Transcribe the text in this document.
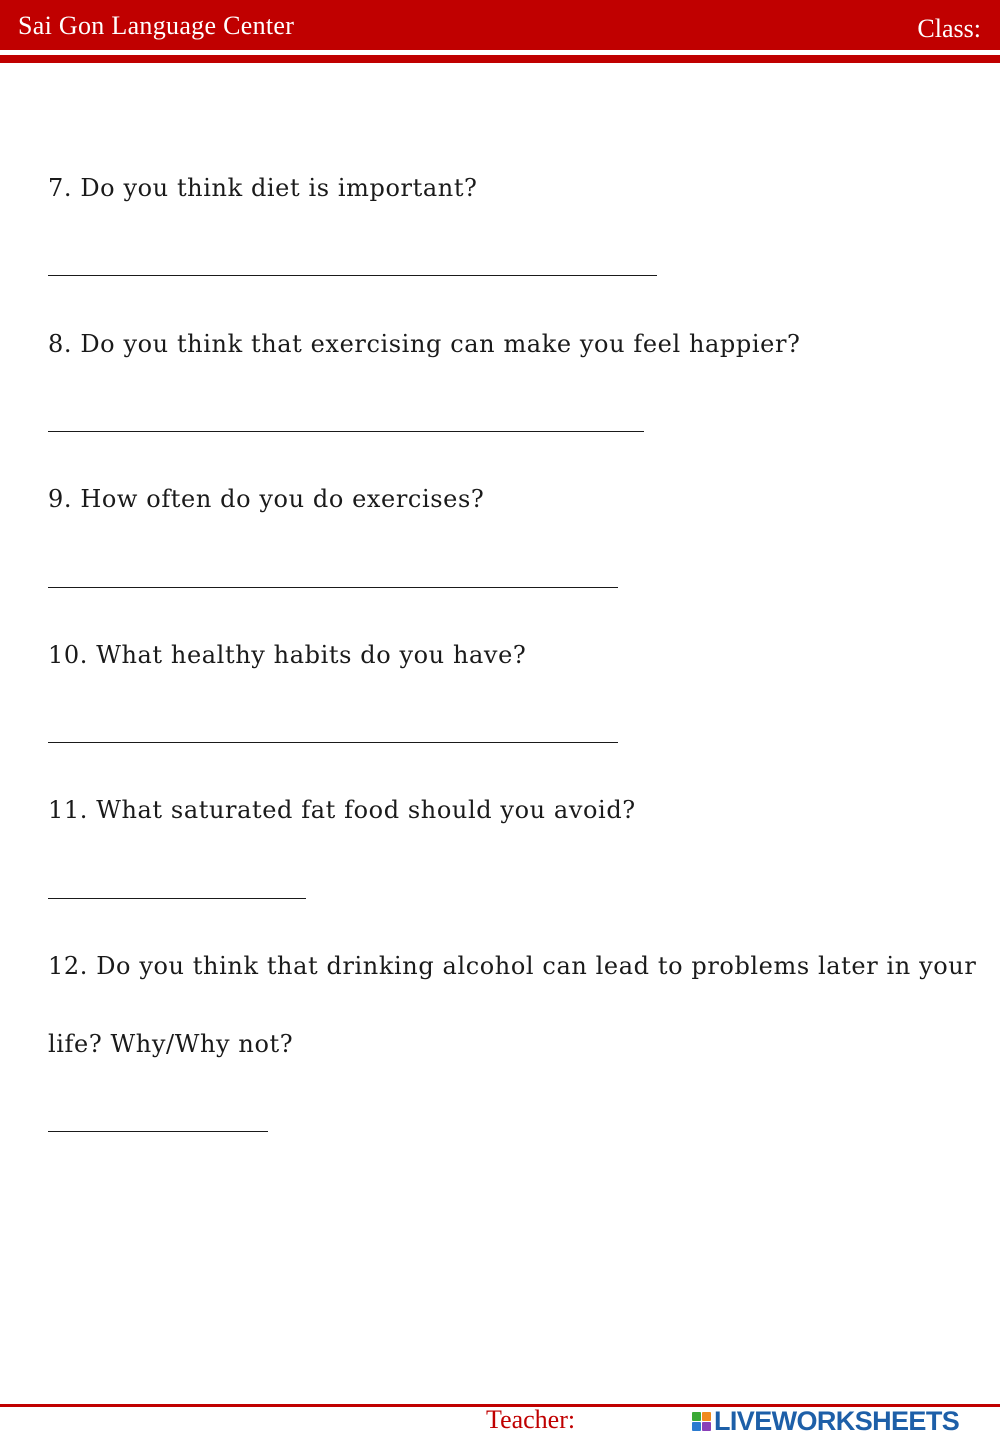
Sai Gon Language Center	Class:

7. Do you think diet is important?

8. Do you think that exercising can make you feel happier?

9. How often do you do exercises?

10. What healthy habits do you have?

11. What saturated fat food should you avoid?

12. Do you think that drinking alcohol can lead to problems later in your life? Why/Why not?

Teacher:	LIVEWORKSHEETS
